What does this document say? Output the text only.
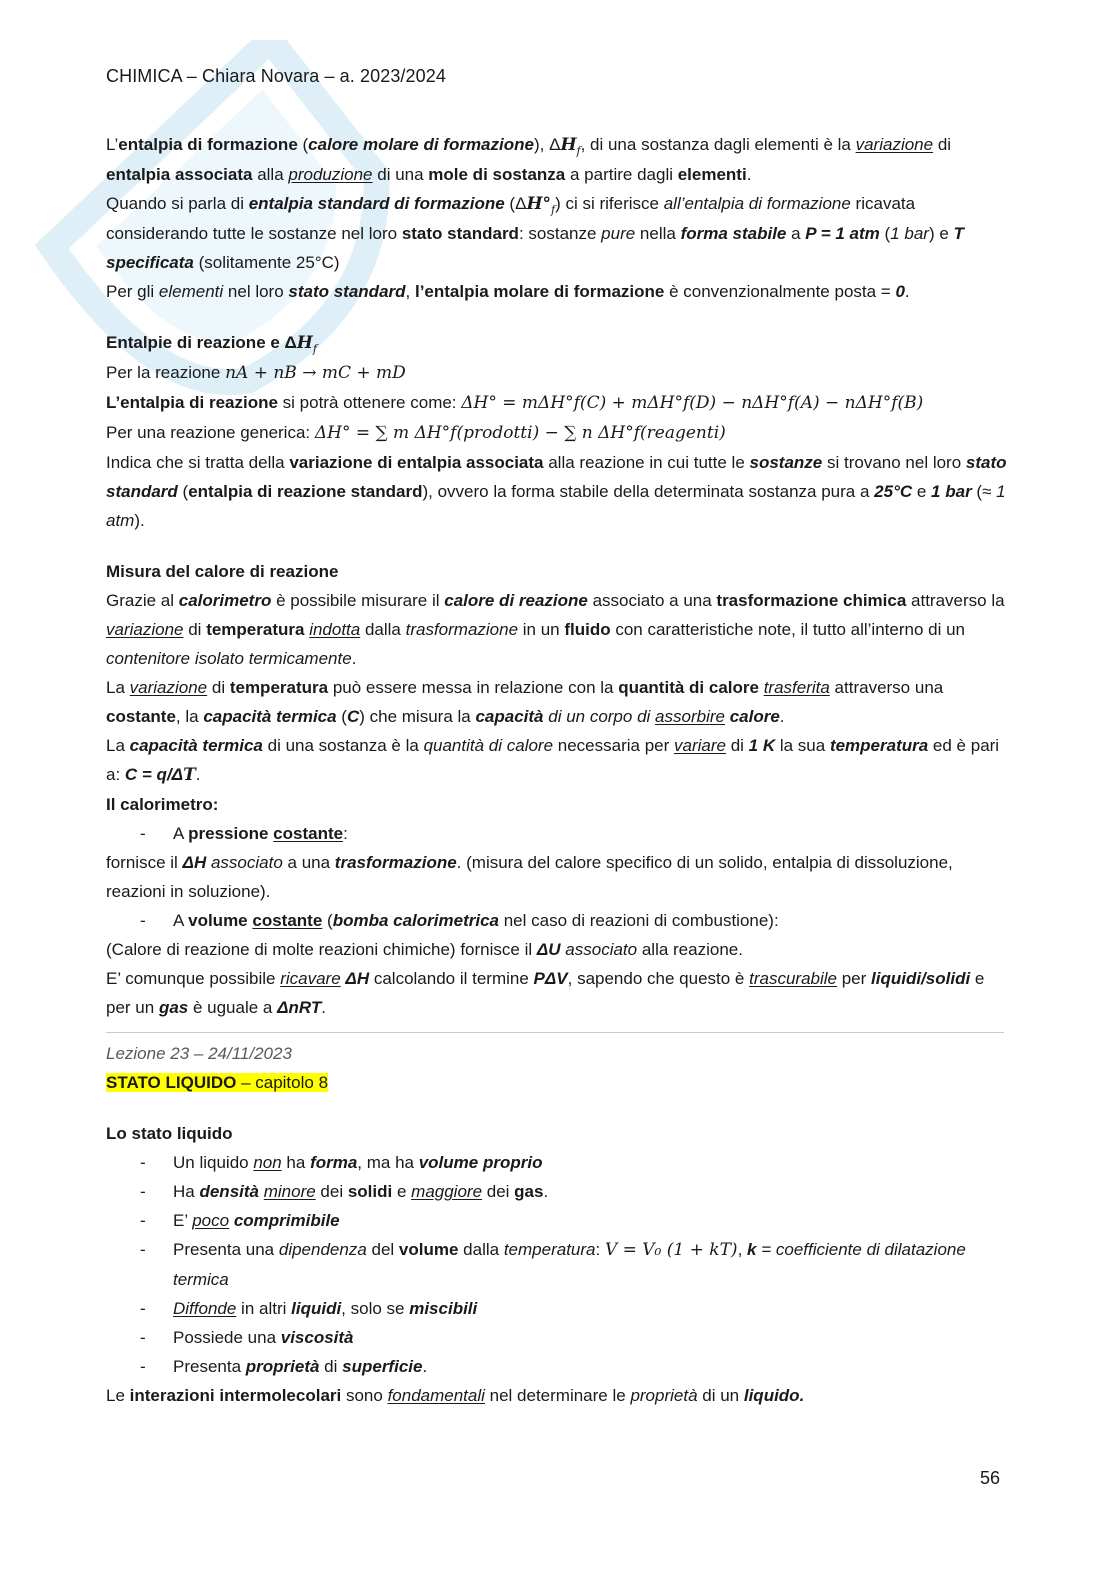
CHIMICA – Chiara Novara – a. 2023/2024

L’entalpia di formazione (calore molare di formazione), $\Delta H_f$, di una sostanza dagli elementi è la variazione di entalpia associata alla produzione di una mole di sostanza a partire dagli elementi.

Quando si parla di entalpia standard di formazione $(\Delta H^\circ_f)$ ci si riferisce all’entalpia di formazione ricavata considerando tutte le sostanze nel loro stato standard: sostanze pure nella forma stabile a P = 1 atm (1 bar) e T specificata (solitamente 25°C)

Per gli elementi nel loro stato standard, l’entalpia molare di formazione è convenzionalmente posta = 0.

Entalpie di reazione e $\Delta H_f$

Per la reazione nA + nB → mC + mD

L’entalpia di reazione si potrà ottenere come: ΔH° = mΔH°f(C) + mΔH°f(D) − nΔH°f(A) − nΔH°f(B)

Per una reazione generica: ΔH° = ∑ m ΔH°f(prodotti) − ∑ n ΔH°f(reagenti)

Indica che si tratta della variazione di entalpia associata alla reazione in cui tutte le sostanze si trovano nel loro stato standard (entalpia di reazione standard), ovvero la forma stabile della determinata sostanza pura a 25°C e 1 bar (≈ 1 atm).

Misura del calore di reazione

Grazie al calorimetro è possibile misurare il calore di reazione associato a una trasformazione chimica attraverso la variazione di temperatura indotta dalla trasformazione in un fluido con caratteristiche note, il tutto all’interno di un contenitore isolato termicamente.

La variazione di temperatura può essere messa in relazione con la quantità di calore trasferita attraverso una costante, la capacità termica (C) che misura la capacità di un corpo di assorbire calore.

La capacità termica di una sostanza è la quantità di calore necessaria per variare di 1 K la sua temperatura ed è pari a: C = q/ΔT.

Il calorimetro:

- A pressione costante:

fornisce il ΔH associato a una trasformazione. (misura del calore specifico di un solido, entalpia di dissoluzione, reazioni in soluzione).

- A volume costante (bomba calorimetrica nel caso di reazioni di combustione):

(Calore di reazione di molte reazioni chimiche) fornisce il ΔU associato alla reazione.

E’ comunque possibile ricavare ΔH calcolando il termine PΔV, sapendo che questo è trascurabile per liquidi/solidi e per un gas è uguale a ΔnRT.

Lezione 23 – 24/11/2023

STATO LIQUIDO – capitolo 8

Lo stato liquido

- Un liquido non ha forma, ma ha volume proprio

- Ha densità minore dei solidi e maggiore dei gas.

- E’ poco comprimibile

- Presenta una dipendenza del volume dalla temperatura: V = V₀ (1 + kT), k = coefficiente di dilatazione termica

- Diffonde in altri liquidi, solo se miscibili

- Possiede una viscosità

- Presenta proprietà di superficie.

Le interazioni intermolecolari sono fondamentali nel determinare le proprietà di un liquido.

56
